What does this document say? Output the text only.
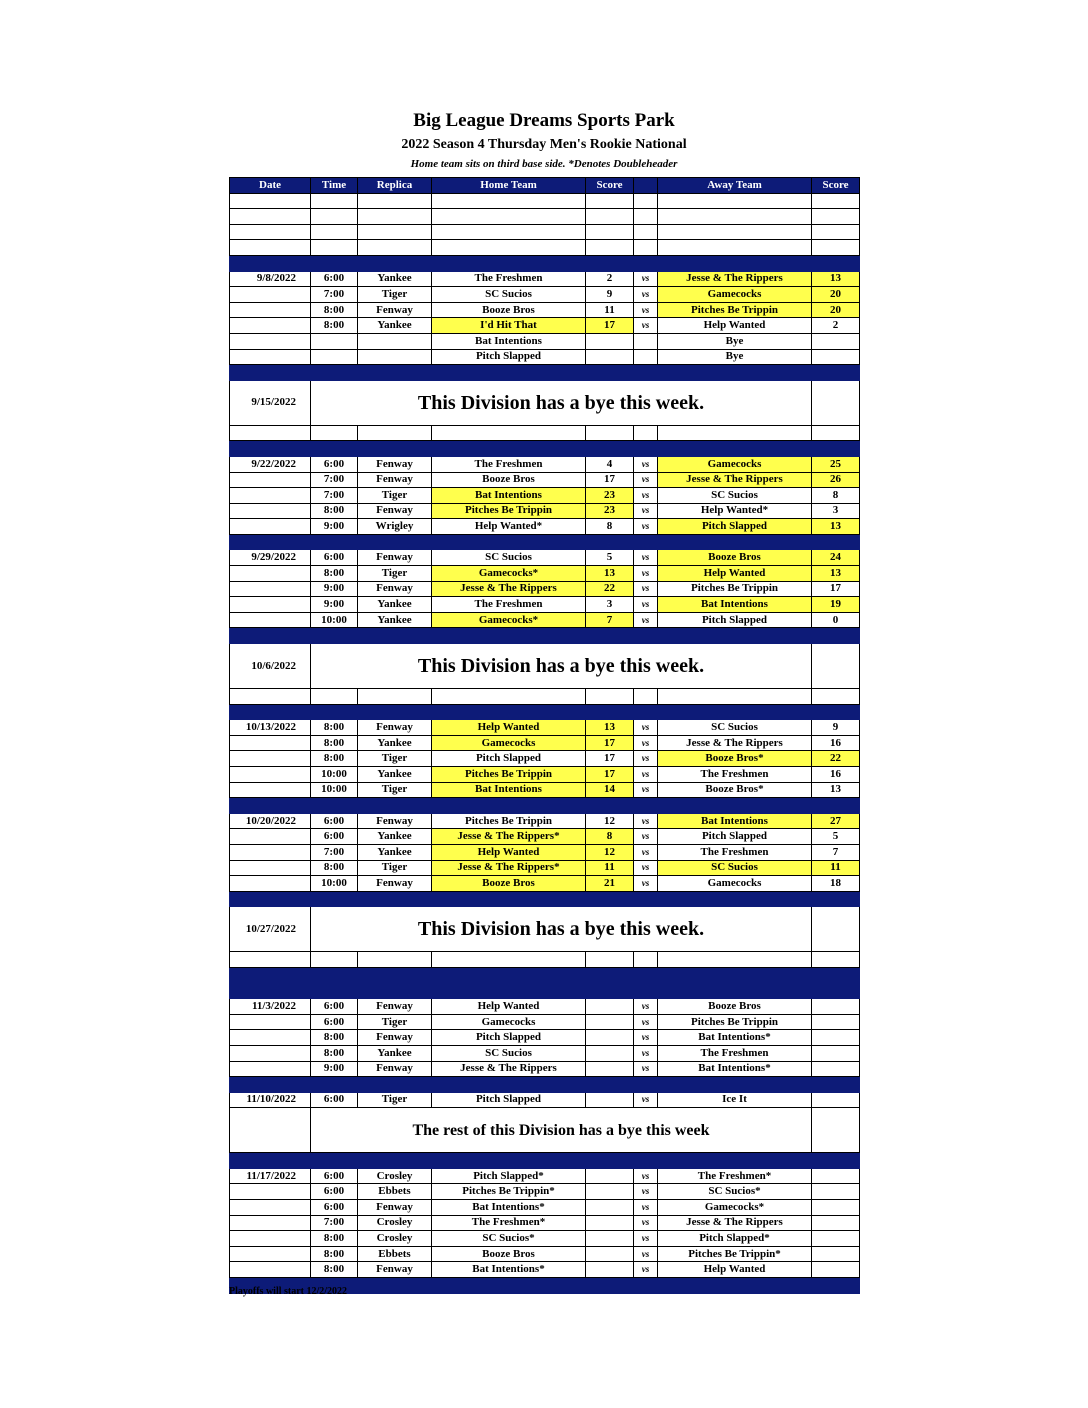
Big League Dreams Sports Park
2022 Season 4 Thursday Men's Rookie National
Home team sits on third base side. *Denotes Doubleheader
Date	Time	Replica	Home Team	Score		Away Team	Score

9/8/2022	6:00	Yankee	The Freshmen	2	vs	Jesse & The Rippers	13
	7:00	Tiger	SC Sucios	9	vs	Gamecocks	20
	8:00	Fenway	Booze Bros	11	vs	Pitches Be Trippin	20
	8:00	Yankee	I'd Hit That	17	vs	Help Wanted	2
			Bat Intentions			Bye	
			Pitch Slapped			Bye	

9/15/2022	This Division has a bye this week.						

9/22/2022	6:00	Fenway	The Freshmen	4	vs	Gamecocks	25
	7:00	Fenway	Booze Bros	17	vs	Jesse & The Rippers	26
	7:00	Tiger	Bat Intentions	23	vs	SC Sucios	8
	8:00	Fenway	Pitches Be Trippin	23	vs	Help Wanted*	3
	9:00	Wrigley	Help Wanted*	8	vs	Pitch Slapped	13

9/29/2022	6:00	Fenway	SC Sucios	5	vs	Booze Bros	24
	8:00	Tiger	Gamecocks*	13	vs	Help Wanted	13
	9:00	Fenway	Jesse & The Rippers	22	vs	Pitches Be Trippin	17
	9:00	Yankee	The Freshmen	3	vs	Bat Intentions	19
	10:00	Yankee	Gamecocks*	7	vs	Pitch Slapped	0

10/6/2022	This Division has a bye this week.						

10/13/2022	8:00	Fenway	Help Wanted	13	vs	SC Sucios	9
	8:00	Yankee	Gamecocks	17	vs	Jesse & The Rippers	16
	8:00	Tiger	Pitch Slapped	17	vs	Booze Bros*	22
	10:00	Yankee	Pitches Be Trippin	17	vs	The Freshmen	16
	10:00	Tiger	Bat Intentions	14	vs	Booze Bros*	13

10/20/2022	6:00	Fenway	Pitches Be Trippin	12	vs	Bat Intentions	27
	6:00	Yankee	Jesse & The Rippers*	8	vs	Pitch Slapped	5
	7:00	Yankee	Help Wanted	12	vs	The Freshmen	7
	8:00	Tiger	Jesse & The Rippers*	11	vs	SC Sucios	11
	10:00	Fenway	Booze Bros	21	vs	Gamecocks	18

10/27/2022	This Division has a bye this week.						

11/3/2022	6:00	Fenway	Help Wanted		vs	Booze Bros	
	6:00	Tiger	Gamecocks		vs	Pitches Be Trippin	
	8:00	Fenway	Pitch Slapped		vs	Bat Intentions*	
	8:00	Yankee	SC Sucios		vs	The Freshmen	
	9:00	Fenway	Jesse & The Rippers		vs	Bat Intentions*	

11/10/2022	6:00	Tiger	Pitch Slapped		vs	Ice It	
	The rest of this Division has a bye this week						

11/17/2022	6:00	Crosley	Pitch Slapped*		vs	The Freshmen*	
	6:00	Ebbets	Pitches Be Trippin*		vs	SC Sucios*	
	6:00	Fenway	Bat Intentions*		vs	Gamecocks*	
	7:00	Crosley	The Freshmen*		vs	Jesse & The Rippers	
	8:00	Crosley	SC Sucios*		vs	Pitch Slapped*	
	8:00	Ebbets	Booze Bros		vs	Pitches Be Trippin*	
	8:00	Fenway	Bat Intentions*		vs	Help Wanted	

Playoffs will start 12/2/2022
